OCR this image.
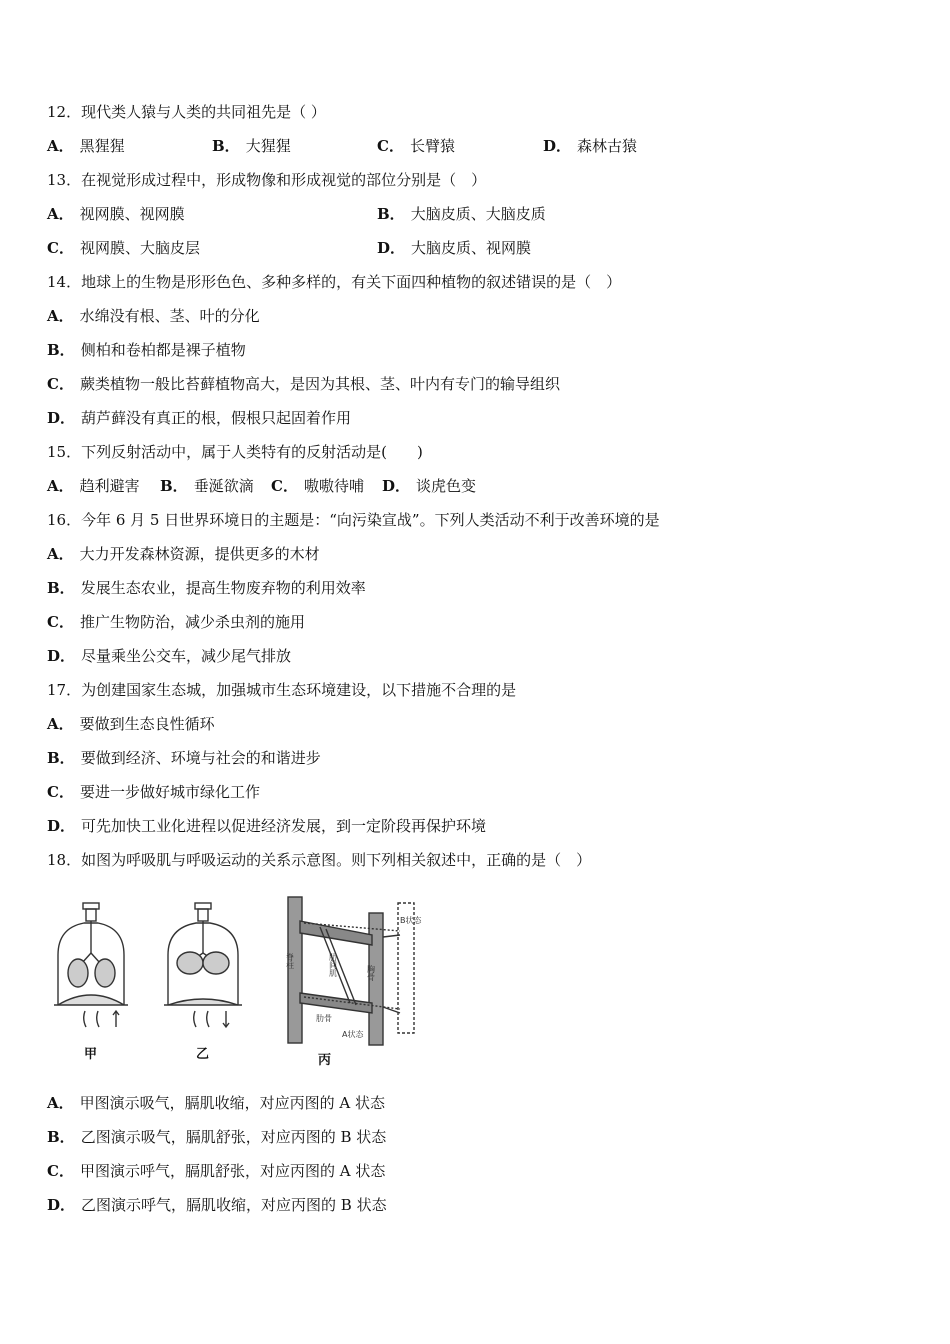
12．现代类人猿与人类的共同祖先是（ ）
A． 黑猩猩	B． 大猩猩	C． 长臂猿	D． 森林古猿
13．在视觉形成过程中，形成物像和形成视觉的部位分别是（　）
A． 视网膜、视网膜	B． 大脑皮质、大脑皮质
C． 视网膜、大脑皮层	D． 大脑皮质、视网膜
14．地球上的生物是形形色色、多种多样的，有关下面四种植物的叙述错误的是（　）
A． 水绵没有根、茎、叶的分化
B． 侧柏和卷柏都是裸子植物
C． 蕨类植物一般比苔藓植物高大，是因为其根、茎、叶内有专门的输导组织
D． 葫芦藓没有真正的根，假根只起固着作用
15．下列反射活动中，属于人类特有的反射活动是(　　)
A． 趋利避害 B． 垂涎欲滴 C． 嗷嗷待哺 D． 谈虎色变
16．今年 6 月 5 日世界环境日的主题是：“向污染宣战”。下列人类活动不利于改善环境的是
A． 大力开发森林资源，提供更多的木材
B． 发展生态农业，提高生物废弃物的利用效率
C． 推广生物防治，减少杀虫剂的施用
D． 尽量乘坐公交车，减少尾气排放
17．为创建国家生态城，加强城市生态环境建设，以下措施不合理的是
A． 要做到生态良性循环
B． 要做到经济、环境与社会的和谐进步
C． 要进一步做好城市绿化工作
D． 可先加快工业化进程以促进经济发展，到一定阶段再保护环境
18．如图为呼吸肌与呼吸运动的关系示意图。则下列相关叙述中，正确的是（　）
脊柱
胸骨
肋间肌
肋骨
B状态
A状态
甲	乙	丙
A． 甲图演示吸气，膈肌收缩，对应丙图的 A 状态
B． 乙图演示吸气，膈肌舒张，对应丙图的 B 状态
C． 甲图演示呼气，膈肌舒张，对应丙图的 A 状态
D． 乙图演示呼气，膈肌收缩，对应丙图的 B 状态
